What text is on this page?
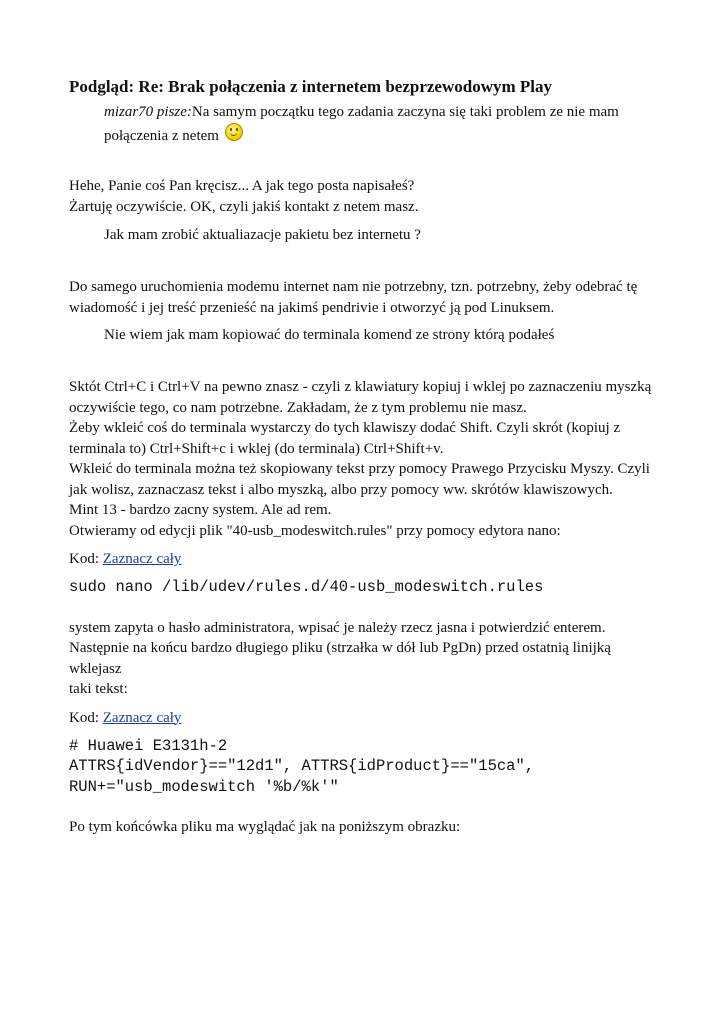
Podgląd: Re: Brak połączenia z internetem bezprzewodowym Play
mizar70 pisze:Na samym początku tego zadania zaczyna się taki problem ze nie mam
połączenia z netem

Hehe, Panie coś Pan kręcisz... A jak tego posta napisałeś?

Żartuję oczywiście. OK, czyli jakiś kontakt z netem masz.

Jak mam zrobić aktualiazacje pakietu bez internetu ?

Do samego uruchomienia modemu internet nam nie potrzebny, tzn. potrzebny, żeby odebrać tę

wiadomość i jej treść przenieść na jakimś pendrivie i otworzyć ją pod Linuksem.

Nie wiem jak mam kopiować do terminala komend ze strony którą podałeś

Sktót Ctrl+C i Ctrl+V na pewno znasz - czyli z klawiatury kopiuj i wklej po zaznaczeniu myszką

oczywiście tego, co nam potrzebne. Zakładam, że z tym problemu nie masz.

Żeby wkleić coś do terminala wystarczy do tych klawiszy dodać Shift. Czyli skrót (kopiuj z

terminala to) Ctrl+Shift+c i wklej (do terminala) Ctrl+Shift+v.

Wkleić do terminala można też skopiowany tekst przy pomocy Prawego Przycisku Myszy. Czyli

jak wolisz, zaznaczasz tekst i albo myszką, albo przy pomocy ww. skrótów klawiszowych.

Mint 13 - bardzo zacny system. Ale ad rem.

Otwieramy od edycji plik "40-usb_modeswitch.rules" przy pomocy edytora nano:

Kod: Zaznacz cały
sudo nano /lib/udev/rules.d/40-usb_modeswitch.rules

system zapyta o hasło administratora, wpisać je należy rzecz jasna i potwierdzić enterem.

Następnie na końcu bardzo długiego pliku (strzałka w dół lub PgDn) przed ostatnią linijką wklejasz

taki tekst:

Kod: Zaznacz cały
# Huawei E3131h-2
ATTRS{idVendor}=="12d1", ATTRS{idProduct}=="15ca",
RUN+="usb_modeswitch '%b/%k'"

Po tym końcówka pliku ma wyglądać jak na poniższym obrazku:
